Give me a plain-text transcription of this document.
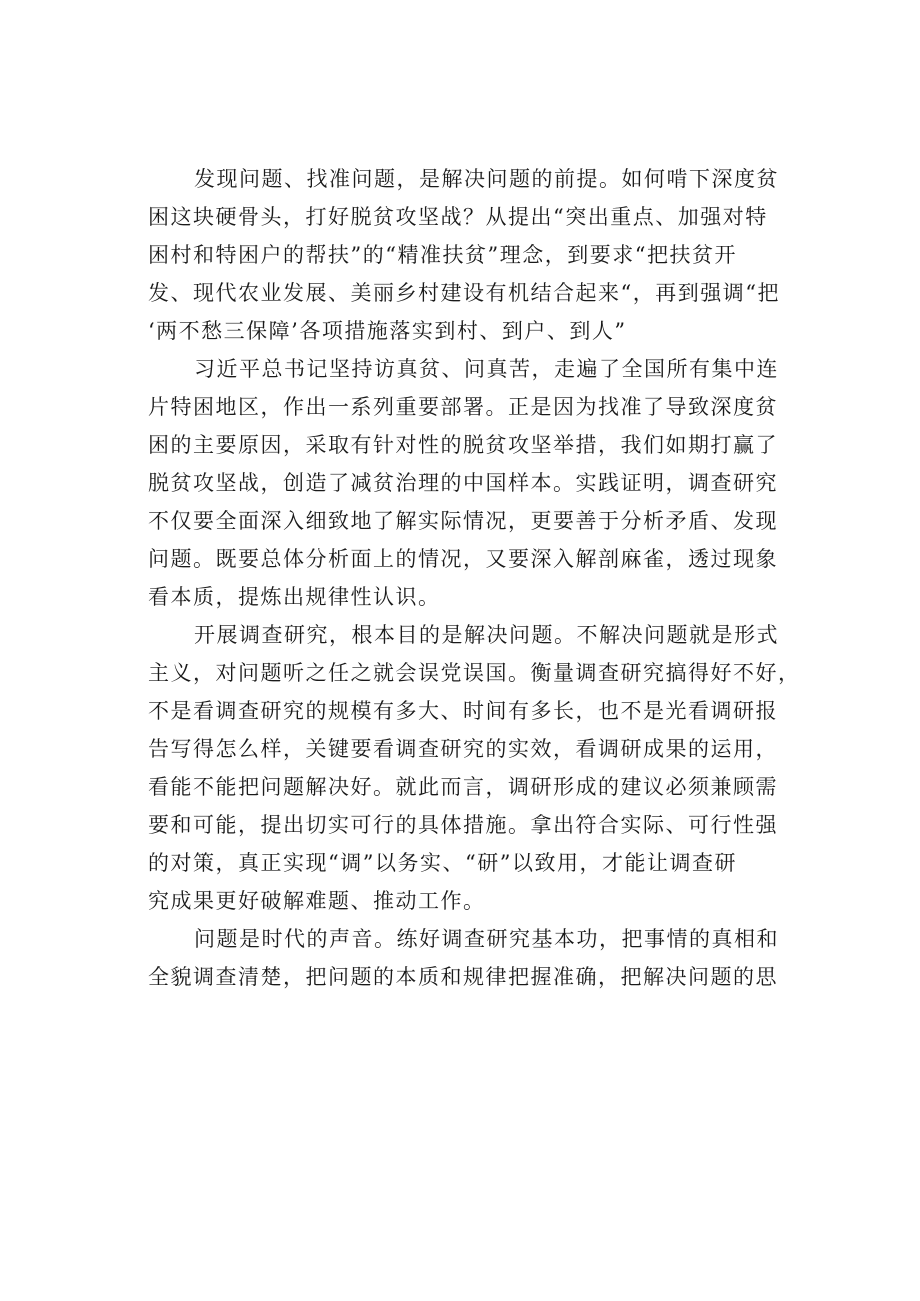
发现问题、找准问题，是解决问题的前提。如何啃下深度贫
困这块硬骨头，打好脱贫攻坚战？从提出“突出重点、加强对特
困村和特困户的帮扶”的“精准扶贫”理念，到要求“把扶贫开
发、现代农业发展、美丽乡村建设有机结合起来“，再到强调“把
‘两不愁三保障’各项措施落实到村、到户、到人”
习近平总书记坚持访真贫、问真苦，走遍了全国所有集中连
片特困地区，作出一系列重要部署。正是因为找准了导致深度贫
困的主要原因，采取有针对性的脱贫攻坚举措，我们如期打赢了
脱贫攻坚战，创造了减贫治理的中国样本。实践证明，调查研究
不仅要全面深入细致地了解实际情况，更要善于分析矛盾、发现
问题。既要总体分析面上的情况，又要深入解剖麻雀，透过现象
看本质，提炼出规律性认识。
开展调查研究，根本目的是解决问题。不解决问题就是形式
主义，对问题听之任之就会误党误国。衡量调查研究搞得好不好，
不是看调查研究的规模有多大、时间有多长，也不是光看调研报
告写得怎么样，关键要看调查研究的实效，看调研成果的运用，
看能不能把问题解决好。就此而言，调研形成的建议必须兼顾需
要和可能，提出切实可行的具体措施。拿出符合实际、可行性强
的对策，真正实现“调”以务实、“研”以致用，才能让调查研
究成果更好破解难题、推动工作。
问题是时代的声音。练好调查研究基本功，把事情的真相和
全貌调查清楚，把问题的本质和规律把握准确，把解决问题的思
